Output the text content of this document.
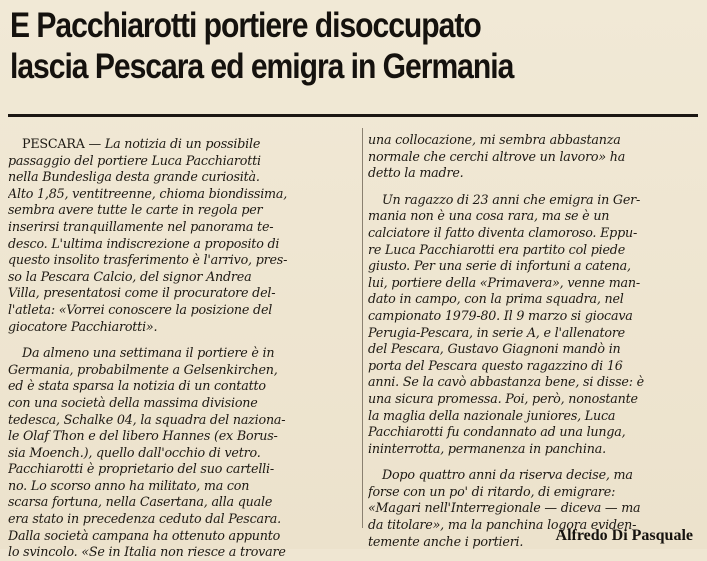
E Pacchiarotti portiere disoccupato
lascia Pescara ed emigra in Germania
PESCARA — La notizia di un possibile
passaggio del portiere Luca Pacchiarotti
nella Bundesliga desta grande curiosità.
Alto 1,85, ventitreenne, chioma biondissima,
sembra avere tutte le carte in regola per
inserirsi tranquillamente nel panorama te-
desco. L'ultima indiscrezione a proposito di
questo insolito trasferimento è l'arrivo, pres-
so la Pescara Calcio, del signor Andrea
Villa, presentatosi come il procuratore del-
l'atleta: «Vorrei conoscere la posizione del
giocatore Pacchiarotti».
Da almeno una settimana il portiere è in
Germania, probabilmente a Gelsenkirchen,
ed è stata sparsa la notizia di un contatto
con una società della massima divisione
tedesca, Schalke 04, la squadra del naziona-
le Olaf Thon e del libero Hannes (ex Borus-
sia Moench.), quello dall'occhio di vetro.
Pacchiarotti è proprietario del suo cartelli-
no. Lo scorso anno ha militato, ma con
scarsa fortuna, nella Casertana, alla quale
era stato in precedenza ceduto dal Pescara.
Dalla società campana ha ottenuto appunto
lo svincolo. «Se in Italia non riesce a trovare
una collocazione, mi sembra abbastanza
normale che cerchi altrove un lavoro» ha
detto la madre.
Un ragazzo di 23 anni che emigra in Ger-
mania non è una cosa rara, ma se è un
calciatore il fatto diventa clamoroso. Eppu-
re Luca Pacchiarotti era partito col piede
giusto. Per una serie di infortuni a catena,
lui, portiere della «Primavera», venne man-
dato in campo, con la prima squadra, nel
campionato 1979-80. Il 9 marzo si giocava
Perugia-Pescara, in serie A, e l'allenatore
del Pescara, Gustavo Giagnoni mandò in
porta del Pescara questo ragazzino di 16
anni. Se la cavò abbastanza bene, si disse: è
una sicura promessa. Poi, però, nonostante
la maglia della nazionale juniores, Luca
Pacchiarotti fu condannato ad una lunga,
ininterrotta, permanenza in panchina.
Dopo quattro anni da riserva decise, ma
forse con un po' di ritardo, di emigrare:
«Magari nell'Interregionale — diceva — ma
da titolare», ma la panchina logora eviden-
temente anche i portieri.	Alfredo Di Pasquale
